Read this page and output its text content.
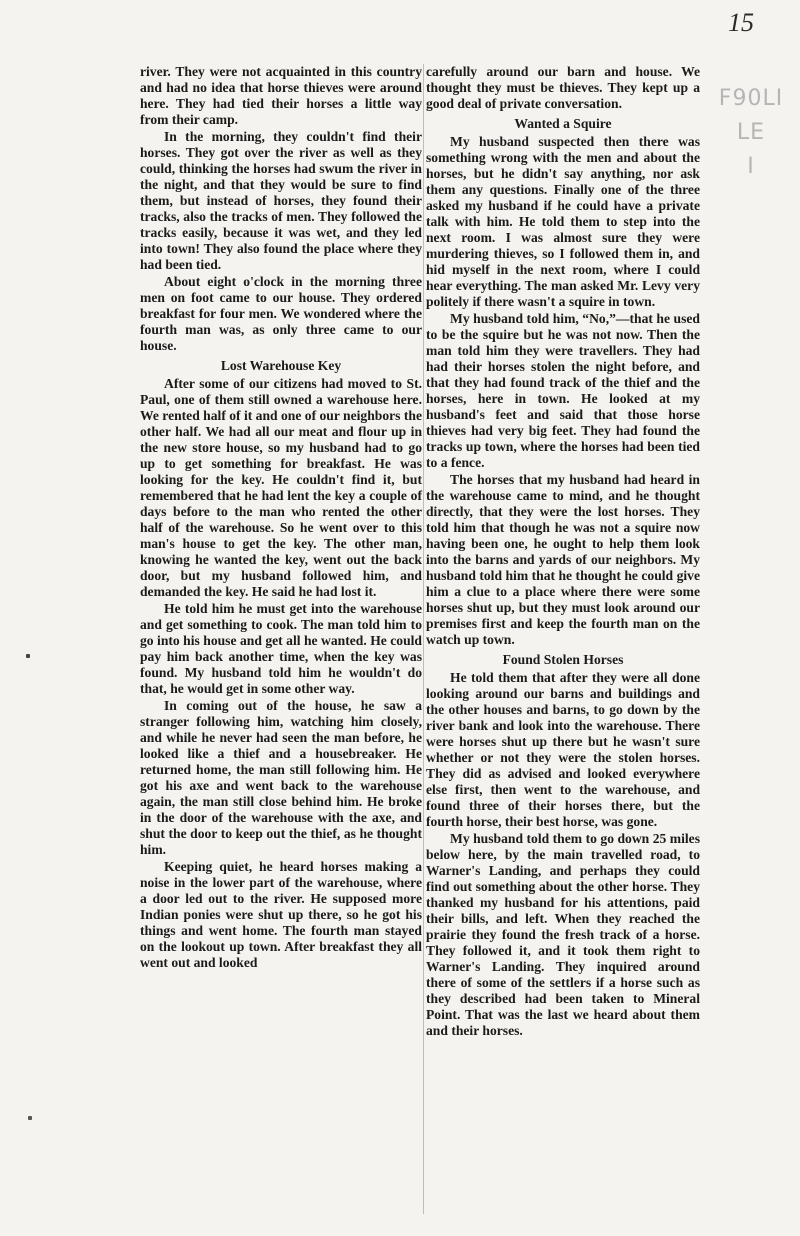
15
F90LI
LE
I

river. They were not acquainted in this country and had no idea that horse thieves were around here. They had tied their horses a little way from their camp.

In the morning, they couldn't find their horses. They got over the river as well as they could, thinking the horses had swum the river in the night, and that they would be sure to find them, but instead of horses, they found their tracks, also the tracks of men. They followed the tracks easily, because it was wet, and they led into town! They also found the place where they had been tied.

About eight o'clock in the morning three men on foot came to our house. They ordered breakfast for four men. We wondered where the fourth man was, as only three came to our house.

Lost Warehouse Key

After some of our citizens had moved to St. Paul, one of them still owned a warehouse here. We rented half of it and one of our neighbors the other half. We had all our meat and flour up in the new store house, so my husband had to go up to get something for breakfast. He was looking for the key. He couldn't find it, but remembered that he had lent the key a couple of days before to the man who rented the other half of the warehouse. So he went over to this man's house to get the key. The other man, knowing he wanted the key, went out the back door, but my husband followed him, and demanded the key. He said he had lost it.

He told him he must get into the warehouse and get something to cook. The man told him to go into his house and get all he wanted. He could pay him back another time, when the key was found. My husband told him he wouldn't do that, he would get in some other way.

In coming out of the house, he saw a stranger following him, watching him closely, and while he never had seen the man before, he looked like a thief and a housebreaker. He returned home, the man still following him. He got his axe and went back to the warehouse again, the man still close behind him. He broke in the door of the warehouse with the axe, and shut the door to keep out the thief, as he thought him.

Keeping quiet, he heard horses making a noise in the lower part of the warehouse, where a door led out to the river. He supposed more Indian ponies were shut up there, so he got his things and went home. The fourth man stayed on the lookout up town. After breakfast they all went out and looked

carefully around our barn and house. We thought they must be thieves. They kept up a good deal of private conversation.

Wanted a Squire

My husband suspected then there was something wrong with the men and about the horses, but he didn't say anything, nor ask them any questions. Finally one of the three asked my husband if he could have a private talk with him. He told them to step into the next room. I was almost sure they were murdering thieves, so I followed them in, and hid myself in the next room, where I could hear everything. The man asked Mr. Levy very politely if there wasn't a squire in town.

My husband told him, “No,”—that he used to be the squire but he was not now. Then the man told him they were travellers. They had had their horses stolen the night before, and that they had found track of the thief and the horses, here in town. He looked at my husband's feet and said that those horse thieves had very big feet. They had found the tracks up town, where the horses had been tied to a fence.

The horses that my husband had heard in the warehouse came to mind, and he thought directly, that they were the lost horses. They told him that though he was not a squire now having been one, he ought to help them look into the barns and yards of our neighbors. My husband told him that he thought he could give him a clue to a place where there were some horses shut up, but they must look around our premises first and keep the fourth man on the watch up town.

Found Stolen Horses

He told them that after they were all done looking around our barns and buildings and the other houses and barns, to go down by the river bank and look into the warehouse. There were horses shut up there but he wasn't sure whether or not they were the stolen horses. They did as advised and looked everywhere else first, then went to the warehouse, and found three of their horses there, but the fourth horse, their best horse, was gone.

My husband told them to go down 25 miles below here, by the main travelled road, to Warner's Landing, and perhaps they could find out something about the other horse. They thanked my husband for his attentions, paid their bills, and left. When they reached the prairie they found the fresh track of a horse. They followed it, and it took them right to Warner's Landing. They inquired around there of some of the settlers if a horse such as they described had been taken to Mineral Point. That was the last we heard about them and their horses.
